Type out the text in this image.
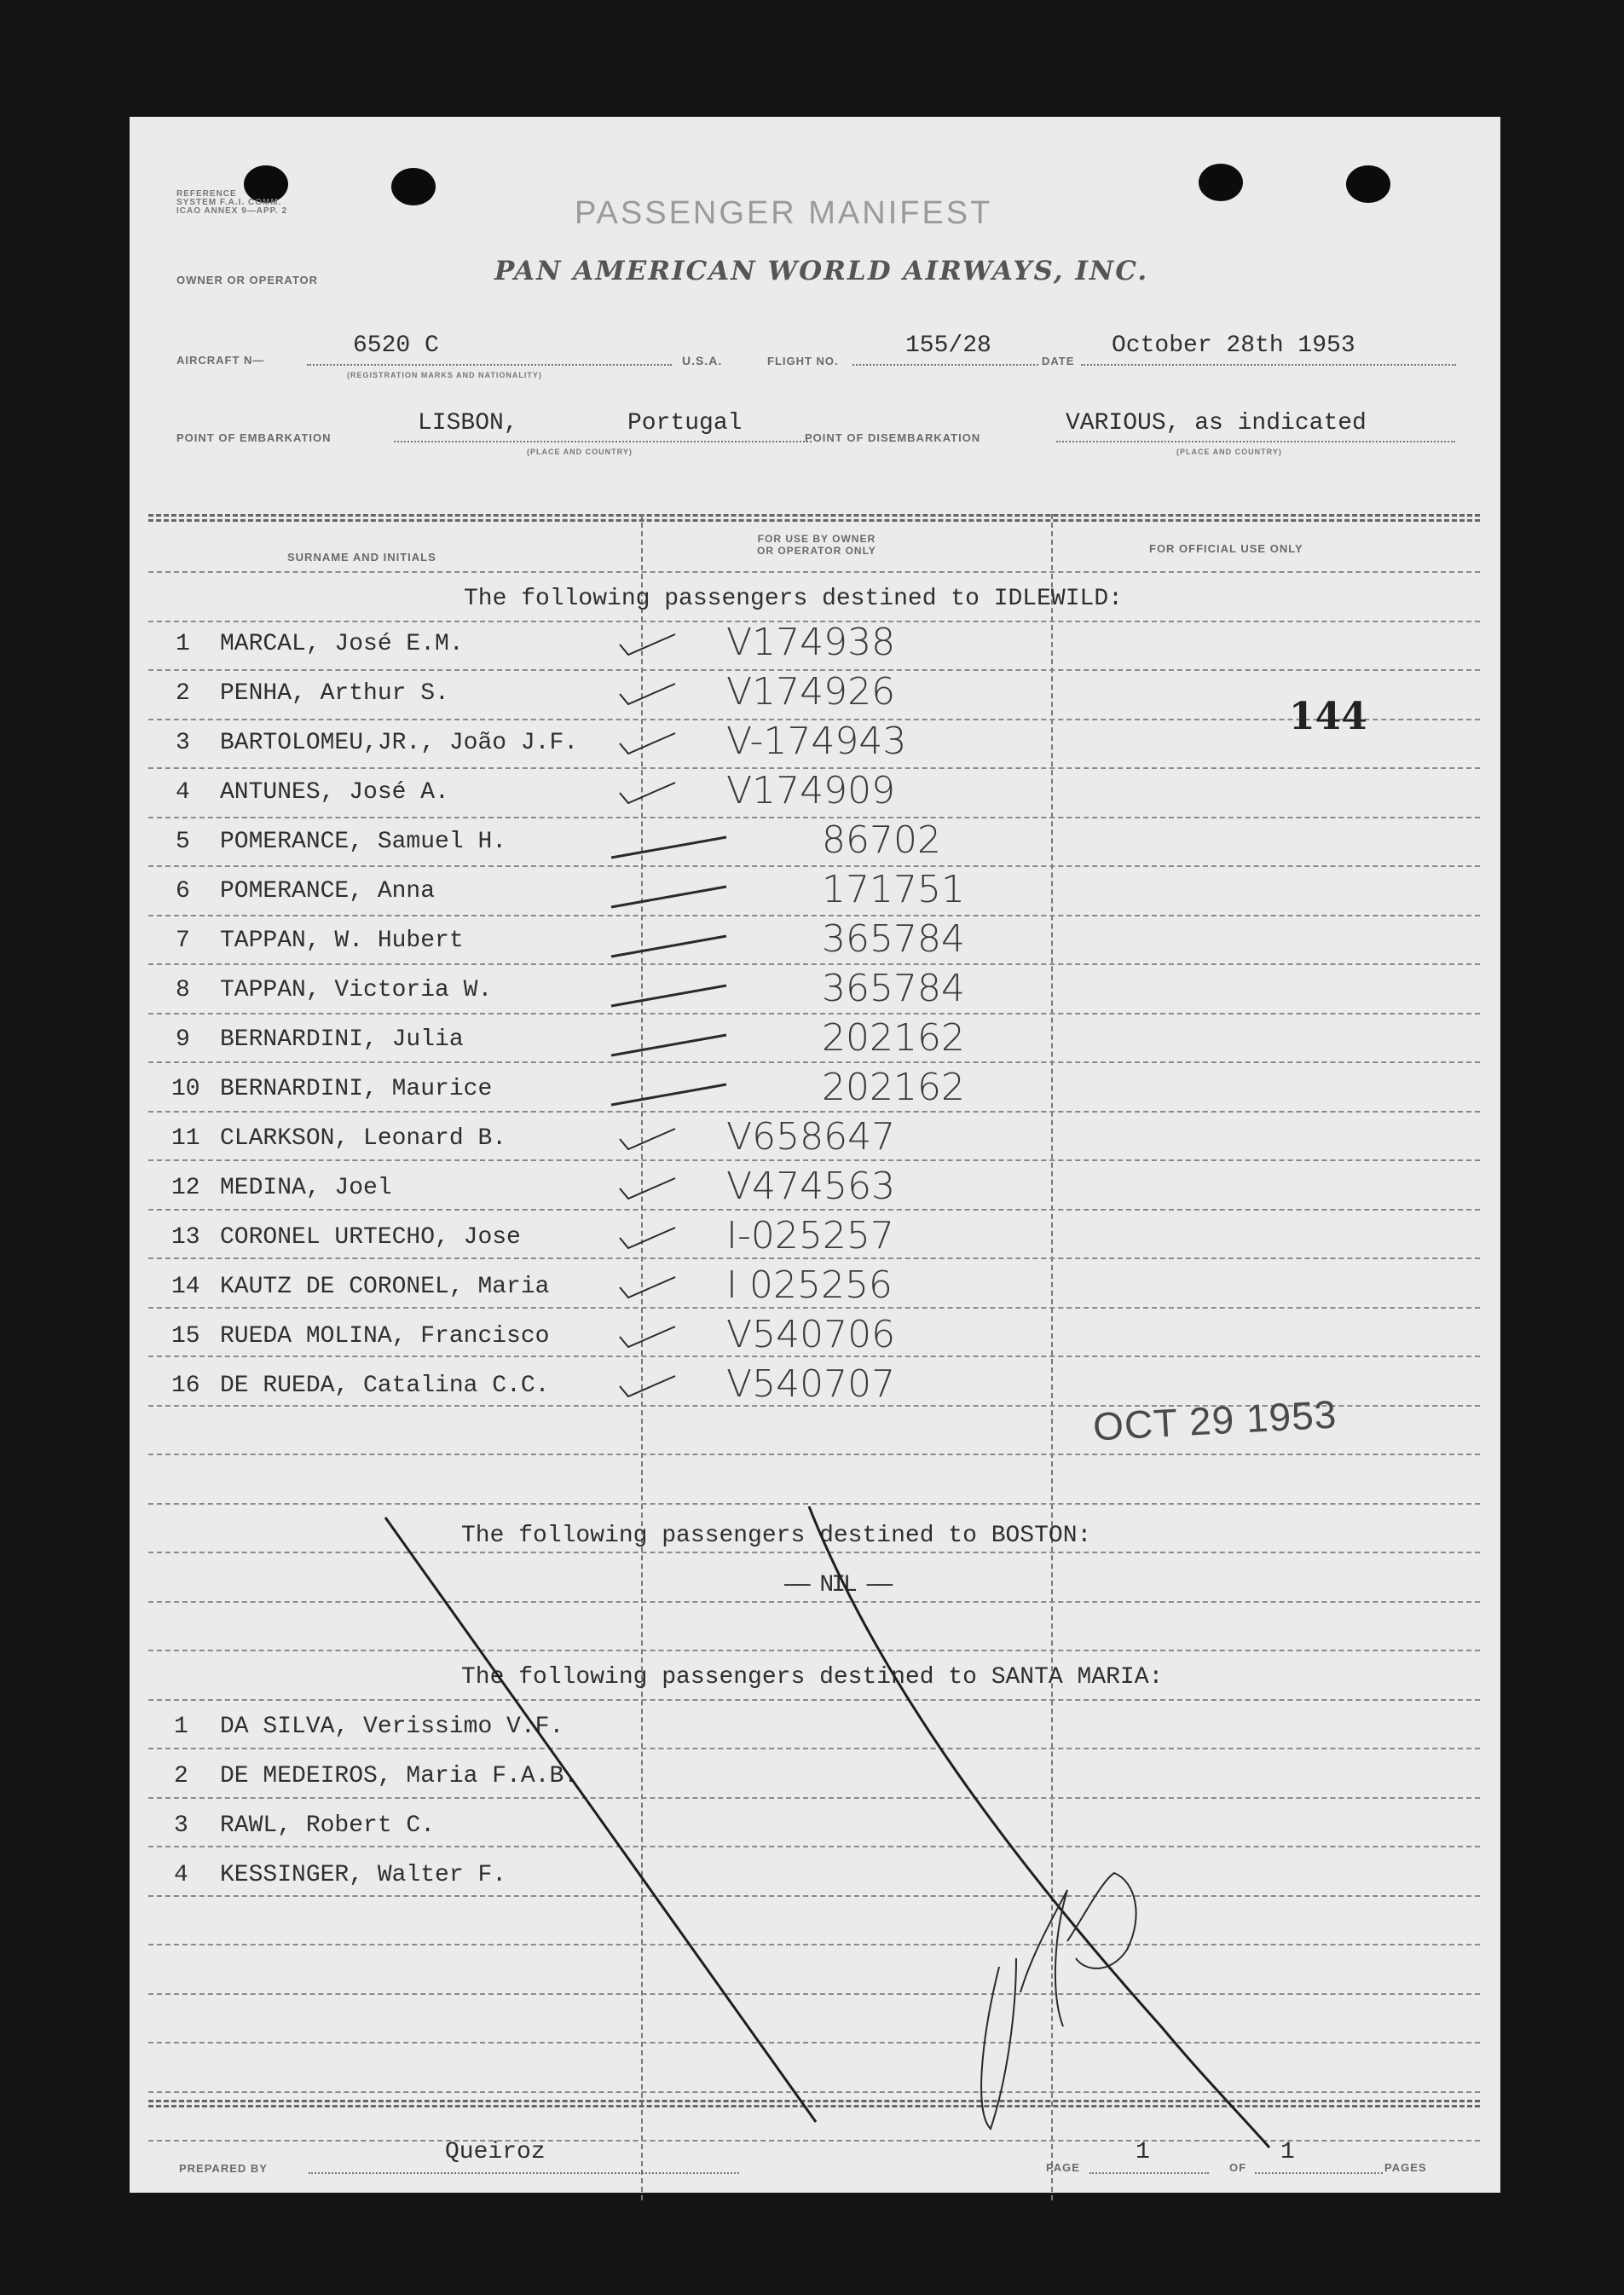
REFERENCE
SYSTEM F.A.I. COMM.
ICAO ANNEX 9—APP. 2	PASSENGER MANIFEST
OWNER OR OPERATOR	PAN AMERICAN WORLD AIRWAYS, INC.
AIRCRAFT N—
6520 C
(REGISTRATION MARKS AND NATIONALITY)
U.S.A.	FLIGHT NO.
155/28
DATE
October 28th 1953
POINT OF EMBARKATION
LISBON,	Portugal
(PLACE AND COUNTRY)
POINT OF DISEMBARKATION
VARIOUS, as indicated
(PLACE AND COUNTRY)
SURNAME AND INITIALS
FOR USE BY OWNER
OR OPERATOR ONLY	FOR OFFICIAL USE ONLY
The following passengers destined to IDLEWILD:
1 MARCAL, José E.M.	V174938
2 PENHA, Arthur S.	V174926
3 BARTOLOMEU,JR., João J.F.	V-174943
4 ANTUNES, José A.	V174909
5 POMERANCE, Samuel H.	86702
6 POMERANCE, Anna	171751
7 TAPPAN, W. Hubert	365784
8 TAPPAN, Victoria W.	365784
9 BERNARDINI, Julia	202162
10 BERNARDINI, Maurice	202162
11 CLARKSON, Leonard B.	V658647
12 MEDINA, Joel	V474563
13 CORONEL URTECHO, Jose	I-025257
14 KAUTZ DE CORONEL, Maria	I 025256
15 RUEDA MOLINA, Francisco	V540706
16 DE RUEDA, Catalina C.C.	V540707
The following passengers destined to BOSTON:
—— NIL ——
The following passengers destined to SANTA MARIA:
1 DA SILVA, Verissimo V.F.
2 DE MEDEIROS, Maria F.A.B.
3 RAWL, Robert C.
4 KESSINGER, Walter F.
144
OCT 29 1953
PREPARED BY
Queiroz
PAGE
1
OF
1
PAGES
